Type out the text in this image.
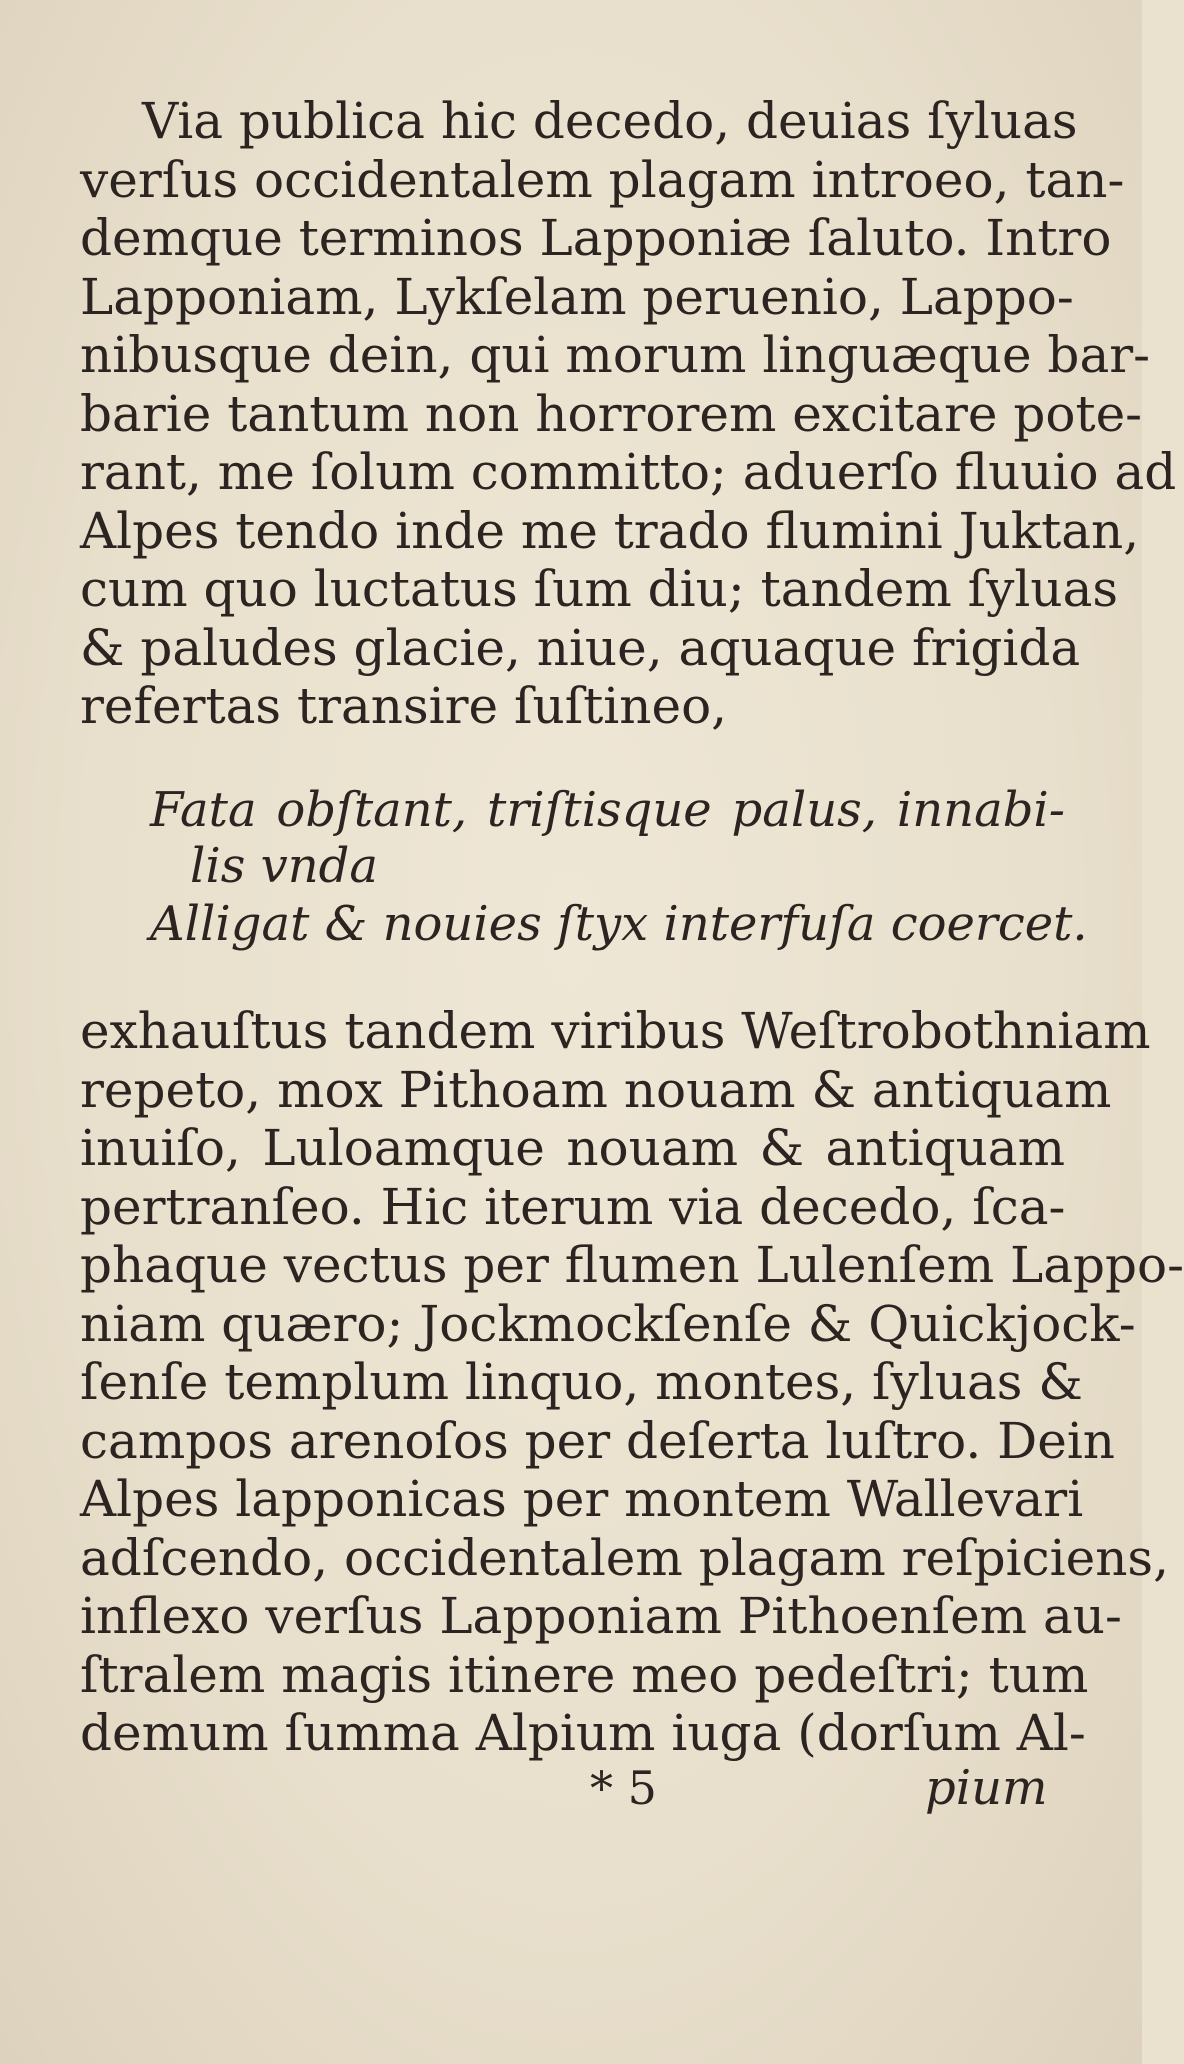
Via publica hic decedo, deuias ſyluas
verſus occidentalem plagam introeo, tan-
demque terminos Lapponiæ ſaluto. Intro
Lapponiam, Lykſelam peruenio, Lappo-
nibusque dein, qui morum linguæque bar-
barie tantum non horrorem excitare pote-
rant, me ſolum committo; aduerſo fluuio ad
Alpes tendo inde me trado flumini Juktan,
cum quo luctatus ſum diu; tandem ſyluas
& paludes glacie, niue, aquaque frigida
refertas transire ſuſtineo,
Fata obſtant, triſtisque palus, innabi-
lis vnda
Alligat & nouies ſtyx interfuſa coercet.
exhauſtus tandem viribus Weſtrobothniam
repeto, mox Pithoam nouam & antiquam
inuiſo, Luloamque nouam & antiquam
pertranſeo. Hic iterum via decedo, ſca-
phaque vectus per flumen Lulenſem Lappo-
niam quæro; Jockmockſenſe & Quickjock-
ſenſe templum linquo, montes, ſyluas &
campos arenoſos per deſerta luſtro. Dein
Alpes lapponicas per montem Wallevari
adſcendo, occidentalem plagam reſpiciens,
inflexo verſus Lapponiam Pithoenſem au-
ſtralem magis itinere meo pedeſtri; tum
demum ſumma Alpium iuga (dorſum Al-
* 5	pium
